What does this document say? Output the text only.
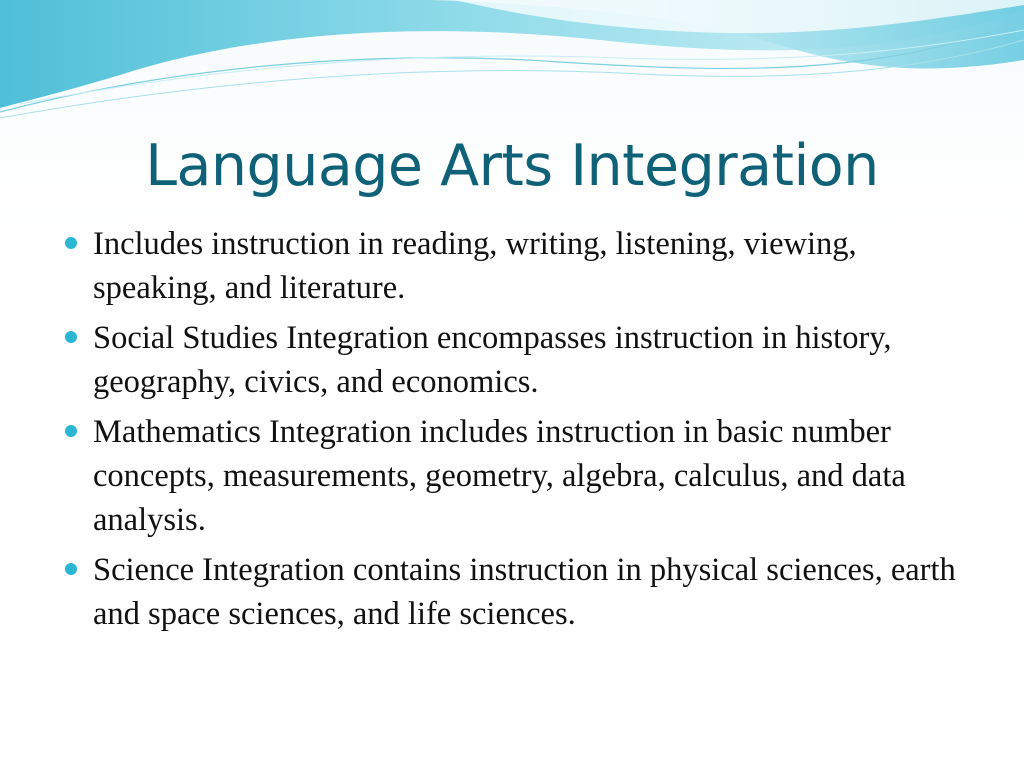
Language Arts Integration
Includes instruction in reading, writing, listening, viewing, speaking, and literature.
Social Studies Integration encompasses instruction in history, geography, civics, and economics.
Mathematics Integration includes instruction in basic number concepts, measurements, geometry, algebra, calculus, and data analysis.
Science Integration contains instruction in physical sciences, earth and space sciences, and life sciences.
